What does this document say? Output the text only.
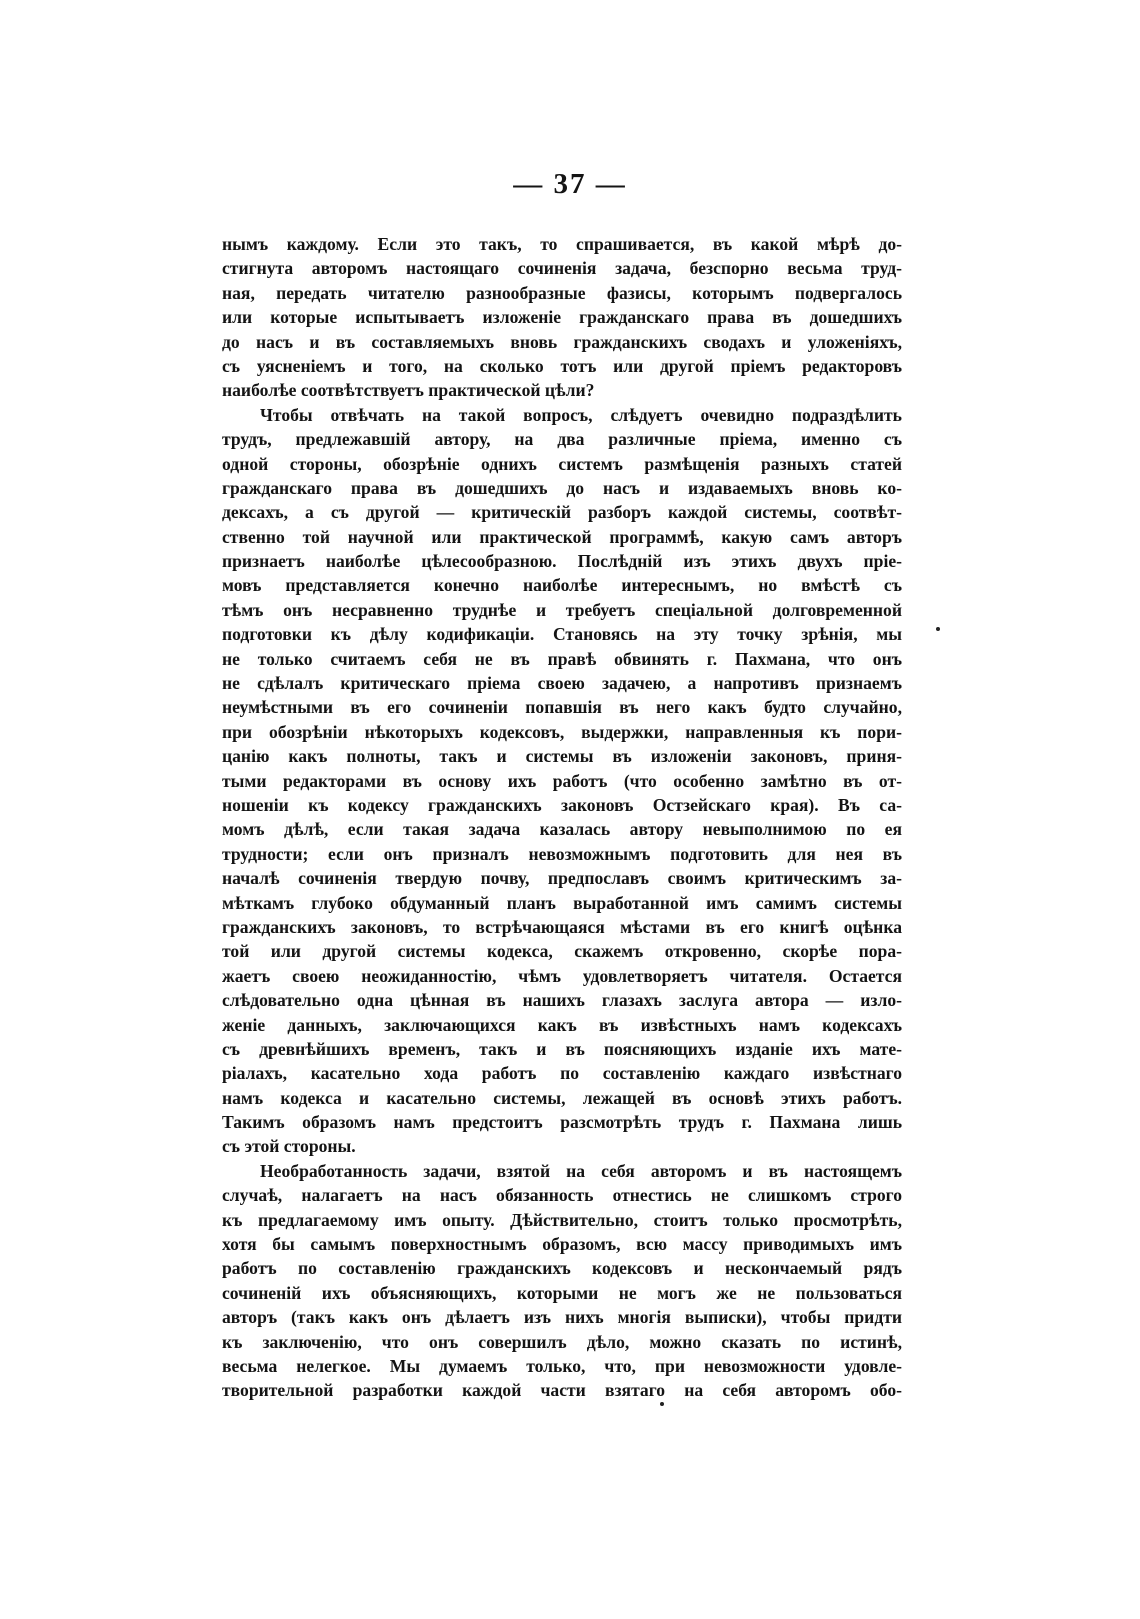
— 37 —
нымъ каждому. Если это такъ, то спрашивается, въ какой мѣрѣ до-
стигнута авторомъ настоящаго сочиненія задача, безспорно весьма труд-
ная, передать читателю разнообразные фазисы, которымъ подвергалось
или которые испытываетъ изложеніе гражданскаго права въ дошедшихъ
до насъ и въ составляемыхъ вновь гражданскихъ сводахъ и уложеніяхъ,
съ уясненіемъ и того, на сколько тотъ или другой пріемъ редакторовъ
наиболѣе соотвѣтствуетъ практической цѣли?
Чтобы отвѣчать на такой вопросъ, слѣдуетъ очевидно подраздѣлить
трудъ, предлежавшій автору, на два различные пріема, именно съ
одной стороны, обозрѣніе однихъ системъ размѣщенія разныхъ статей
гражданскаго права въ дошедшихъ до насъ и издаваемыхъ вновь ко-
дексахъ, а съ другой — критическій разборъ каждой системы, соотвѣт-
ственно той научной или практической программѣ, какую самъ авторъ
признаетъ наиболѣе цѣлесообразною. Послѣдній изъ этихъ двухъ пріе-
мовъ представляется конечно наиболѣе интереснымъ, но вмѣстѣ съ
тѣмъ онъ несравненно труднѣе и требуетъ спеціальной долговременной
подготовки къ дѣлу кодификаціи. Становясь на эту точку зрѣнія, мы
не только считаемъ себя не въ правѣ обвинять г. Пахмана, что онъ
не сдѣлалъ критическаго пріема своею задачею, а напротивъ признаемъ
неумѣстными въ его сочиненіи попавшія въ него какъ будто случайно,
при обозрѣніи нѣкоторыхъ кодексовъ, выдержки, направленныя къ пори-
цанію какъ полноты, такъ и системы въ изложеніи законовъ, приня-
тыми редакторами въ основу ихъ работъ (что особенно замѣтно въ от-
ношеніи къ кодексу гражданскихъ законовъ Остзейскаго края). Въ са-
момъ дѣлѣ, если такая задача казалась автору невыполнимою по ея
трудности; если онъ призналъ невозможнымъ подготовить для нея въ
началѣ сочиненія твердую почву, предпославъ своимъ критическимъ за-
мѣткамъ глубоко обдуманный планъ выработанной имъ самимъ системы
гражданскихъ законовъ, то встрѣчающаяся мѣстами въ его книгѣ оцѣнка
той или другой системы кодекса, скажемъ откровенно, скорѣе пора-
жаетъ своею неожиданностію, чѣмъ удовлетворяетъ читателя. Остается
слѣдовательно одна цѣнная въ нашихъ глазахъ заслуга автора — изло-
женіе данныхъ, заключающихся какъ въ извѣстныхъ намъ кодексахъ
съ древнѣйшихъ временъ, такъ и въ поясняющихъ изданіе ихъ мате-
ріалахъ, касательно хода работъ по составленію каждаго извѣстнаго
намъ кодекса и касательно системы, лежащей въ основѣ этихъ работъ.
Такимъ образомъ намъ предстоитъ разсмотрѣть трудъ г. Пахмана лишь
съ этой стороны.
Необработанность задачи, взятой на себя авторомъ и въ настоящемъ
случаѣ, налагаетъ на насъ обязанность отнестись не слишкомъ строго
къ предлагаемому имъ опыту. Дѣйствительно, стоитъ только просмотрѣть,
хотя бы самымъ поверхностнымъ образомъ, всю массу приводимыхъ имъ
работъ по составленію гражданскихъ кодексовъ и нескончаемый рядъ
сочиненій ихъ объясняющихъ, которыми не могъ же не пользоваться
авторъ (такъ какъ онъ дѣлаетъ изъ нихъ многія выписки), чтобы придти
къ заключенію, что онъ совершилъ дѣло, можно сказать по истинѣ,
весьма нелегкое. Мы думаемъ только, что, при невозможности удовле-
творительной разработки каждой части взятаго на себя авторомъ обо-
